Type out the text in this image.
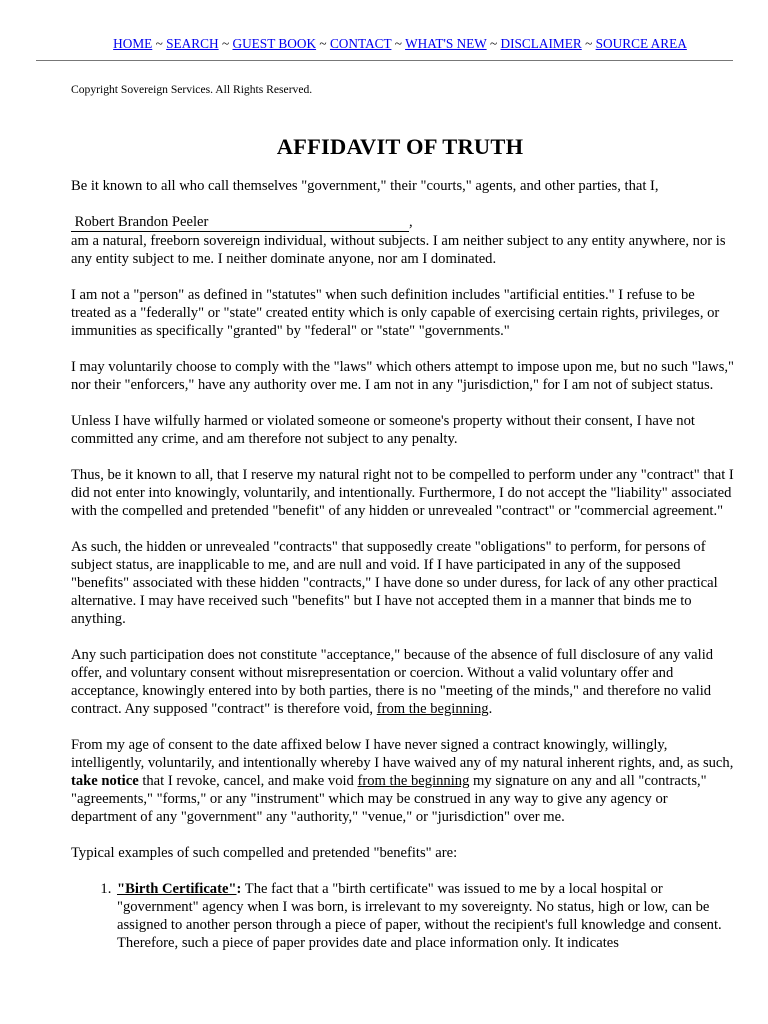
HOME ~ SEARCH ~ GUEST BOOK ~ CONTACT ~ WHAT'S NEW ~ DISCLAIMER ~ SOURCE AREA
Copyright Sovereign Services. All Rights Reserved.
AFFIDAVIT OF TRUTH

Be it known to all who call themselves "government," their "courts," agents, and other parties, that I,

Robert Brandon Peeler	,

am a natural, freeborn sovereign individual, without subjects. I am neither subject to any entity anywhere, nor is any entity subject to me. I neither dominate anyone, nor am I dominated.

I am not a "person" as defined in "statutes" when such definition includes "artificial entities." I refuse to be treated as a "federally" or "state" created entity which is only capable of exercising certain rights, privileges, or immunities as specifically "granted" by "federal" or "state" "governments."

I may voluntarily choose to comply with the "laws" which others attempt to impose upon me, but no such "laws," nor their "enforcers," have any authority over me. I am not in any "jurisdiction," for I am not of subject status.

Unless I have wilfully harmed or violated someone or someone's property without their consent, I have not committed any crime, and am therefore not subject to any penalty.

Thus, be it known to all, that I reserve my natural right not to be compelled to perform under any "contract" that I did not enter into knowingly, voluntarily, and intentionally. Furthermore, I do not accept the "liability" associated with the compelled and pretended "benefit" of any hidden or unrevealed "contract" or "commercial agreement."

As such, the hidden or unrevealed "contracts" that supposedly create "obligations" to perform, for persons of subject status, are inapplicable to me, and are null and void. If I have participated in any of the supposed "benefits" associated with these hidden "contracts," I have done so under duress, for lack of any other practical alternative. I may have received such "benefits" but I have not accepted them in a manner that binds me to anything.

Any such participation does not constitute "acceptance," because of the absence of full disclosure of any valid offer, and voluntary consent without misrepresentation or coercion. Without a valid voluntary offer and acceptance, knowingly entered into by both parties, there is no "meeting of the minds," and therefore no valid contract. Any supposed "contract" is therefore void, from the beginning.

From my age of consent to the date affixed below I have never signed a contract knowingly, willingly, intelligently, voluntarily, and intentionally whereby I have waived any of my natural inherent rights, and, as such, take notice that I revoke, cancel, and make void from the beginning my signature on any and all "contracts," "agreements," "forms," or any "instrument" which may be construed in any way to give any agency or department of any "government" any "authority," "venue," or "jurisdiction" over me.

Typical examples of such compelled and pretended "benefits" are:

1. "Birth Certificate": The fact that a "birth certificate" was issued to me by a local hospital or "government" agency when I was born, is irrelevant to my sovereignty. No status, high or low, can be assigned to another person through a piece of paper, without the recipient's full knowledge and consent. Therefore, such a piece of paper provides date and place information only. It indicates
